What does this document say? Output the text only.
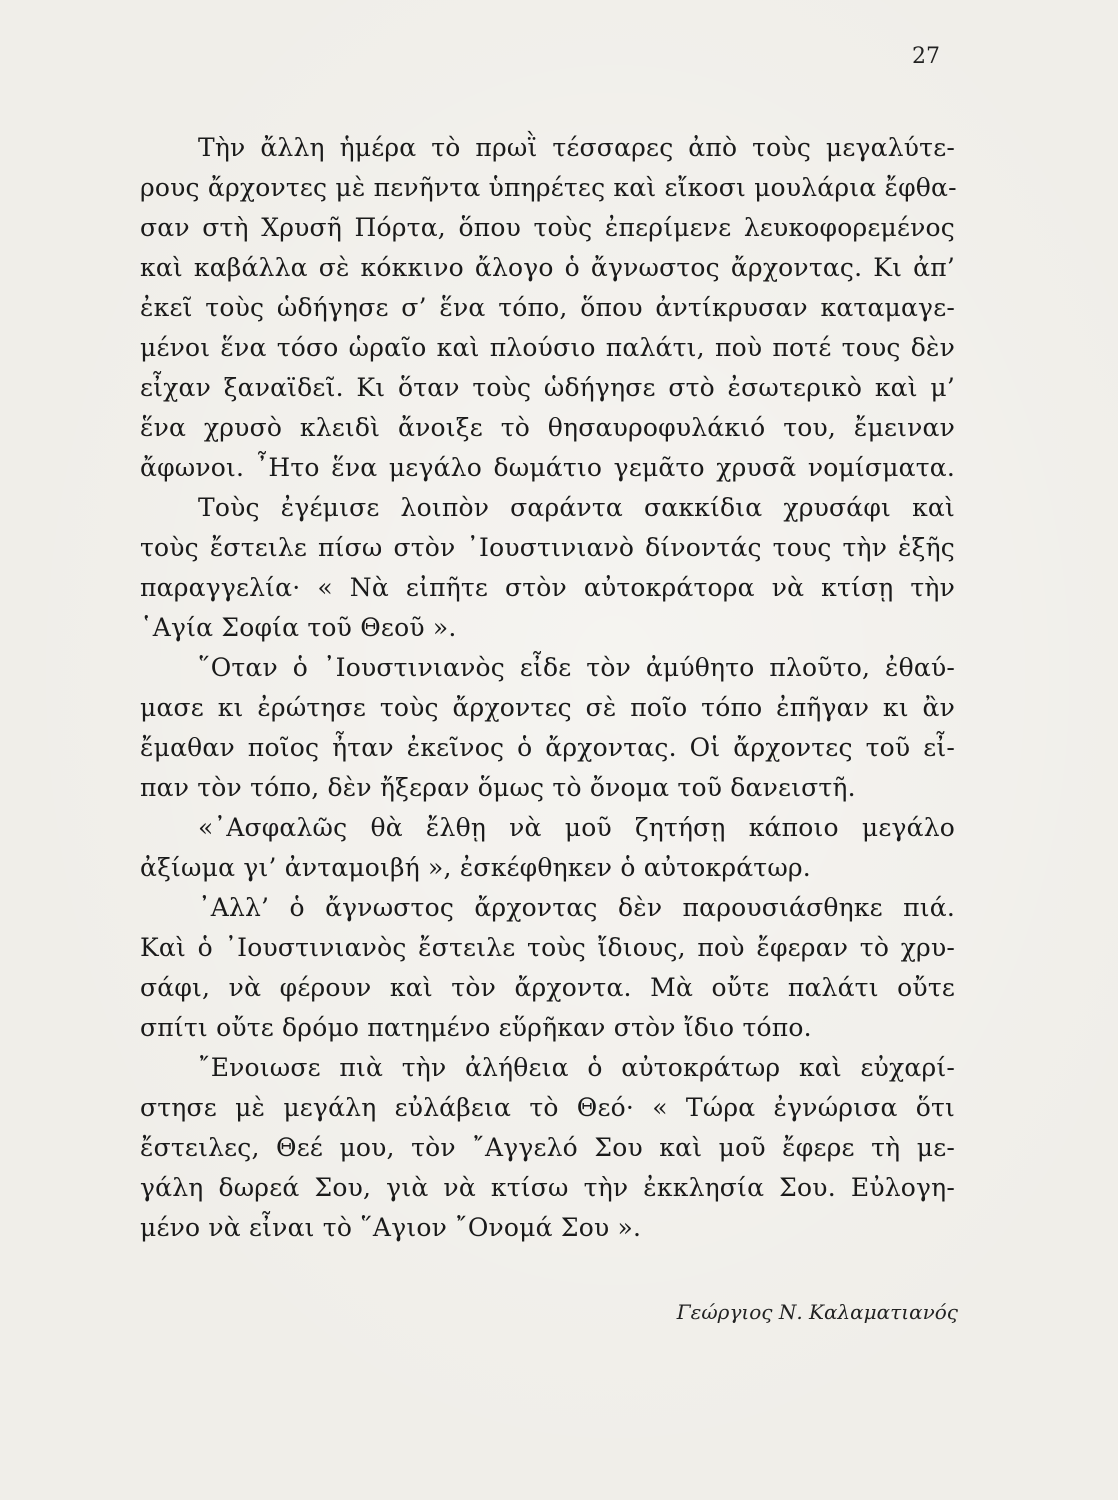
27
Τὴν ἄλλη ἡμέρα τὸ πρωῒ τέσσαρες ἀπὸ τοὺς μεγαλύτε-
ρους ἄρχοντες μὲ πενῆντα ὑπηρέτες καὶ εἴκοσι μουλάρια ἔφθα-
σαν στὴ Χρυσῆ Πόρτα, ὅπου τοὺς ἐπερίμενε λευκοφορεμένος
καὶ καβάλλα σὲ κόκκινο ἄλογο ὁ ἄγνωστος ἄρχοντας. Κι ἀπ’
ἐκεῖ τοὺς ὡδήγησε σ’ ἕνα τόπο, ὅπου ἀντίκρυσαν καταμαγε-
μένοι ἕνα τόσο ὡραῖο καὶ πλούσιο παλάτι, ποὺ ποτέ τους δὲν
εἶχαν ξαναϊδεῖ. Κι ὅταν τοὺς ὡδήγησε στὸ ἐσωτερικὸ καὶ μ’
ἕνα χρυσὸ κλειδὶ ἄνοιξε τὸ θησαυροφυλάκιό του, ἔμειναν
ἄφωνοι. ῏Ητο ἕνα μεγάλο δωμάτιο γεμᾶτο χρυσᾶ νομίσματα.
Τοὺς ἐγέμισε λοιπὸν σαράντα σακκίδια χρυσάφι καὶ
τοὺς ἔστειλε πίσω στὸν ᾿Ιουστινιανὸ δίνοντάς τους τὴν ἑξῆς
παραγγελία· « Νὰ εἰπῆτε στὸν αὐτοκράτορα νὰ κτίσῃ τὴν
῾Αγία Σοφία τοῦ Θεοῦ ».
῞Οταν ὁ ᾿Ιουστινιανὸς εἶδε τὸν ἀμύθητο πλοῦτο, ἐθαύ-
μασε κι ἐρώτησε τοὺς ἄρχοντες σὲ ποῖο τόπο ἐπῆγαν κι ἂν
ἔμαθαν ποῖος ἦταν ἐκεῖνος ὁ ἄρχοντας. Οἱ ἄρχοντες τοῦ εἶ-
παν τὸν τόπο, δὲν ἤξεραν ὅμως τὸ ὄνομα τοῦ δανειστῆ.
«᾿Ασφαλῶς θὰ ἔλθῃ νὰ μοῦ ζητήσῃ κάποιο μεγάλο
ἀξίωμα γι’ ἀνταμοιβή », ἐσκέφθηκεν ὁ αὐτοκράτωρ.
᾿Αλλ’ ὁ ἄγνωστος ἄρχοντας δὲν παρουσιάσθηκε πιά.
Καὶ ὁ ᾿Ιουστινιανὸς ἔστειλε τοὺς ἴδιους, ποὺ ἔφεραν τὸ χρυ-
σάφι, νὰ φέρουν καὶ τὸν ἄρχοντα. Μὰ οὔτε παλάτι οὔτε
σπίτι οὔτε δρόμο πατημένο εὕρῆκαν στὸν ἴδιο τόπο.
῎Ενοιωσε πιὰ τὴν ἀλήθεια ὁ αὐτοκράτωρ καὶ εὐχαρί-
στησε μὲ μεγάλη εὐλάβεια τὸ Θεό· « Τώρα ἐγνώρισα ὅτι
ἔστειλες, Θεέ μου, τὸν ῎Αγγελό Σου καὶ μοῦ ἔφερε τὴ με-
γάλη δωρεά Σου, γιὰ νὰ κτίσω τὴν ἐκκλησία Σου. Εὐλογη-
μένο νὰ εἶναι τὸ ῞Αγιον ῎Ονομά Σου ».
Γεώργιος Ν. Καλαματιανός
